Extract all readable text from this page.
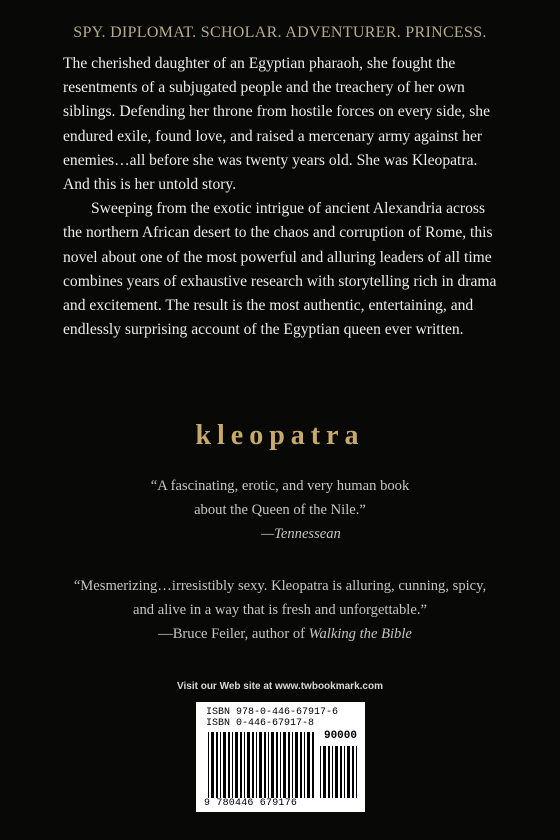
SPY. DIPLOMAT. SCHOLAR. ADVENTURER. PRINCESS.

The cherished daughter of an Egyptian pharaoh, she fought the resentments of a subjugated people and the treachery of her own siblings. Defending her throne from hostile forces on every side, she endured exile, found love, and raised a mercenary army against her enemies…all before she was twenty years old. She was Kleopatra. And this is her untold story.

Sweeping from the exotic intrigue of ancient Alexandria across the northern African desert to the chaos and corruption of Rome, this novel about one of the most powerful and alluring leaders of all time combines years of exhaustive research with storytelling rich in drama and excitement. The result is the most authentic, entertaining, and endlessly surprising account of the Egyptian queen ever written.

kleopatra
“A fascinating, erotic, and very human book
about the Queen of the Nile.”
—Tennessean
“Mesmerizing…irresistibly sexy. Kleopatra is alluring, cunning, spicy,
and alive in a way that is fresh and unforgettable.”
—Bruce Feiler, author of Walking the Bible
Visit our Web site at www.twbookmark.com
ISBN 978-0-446-67917-6
ISBN 0-446-67917-8
90000
9 780446 679176
